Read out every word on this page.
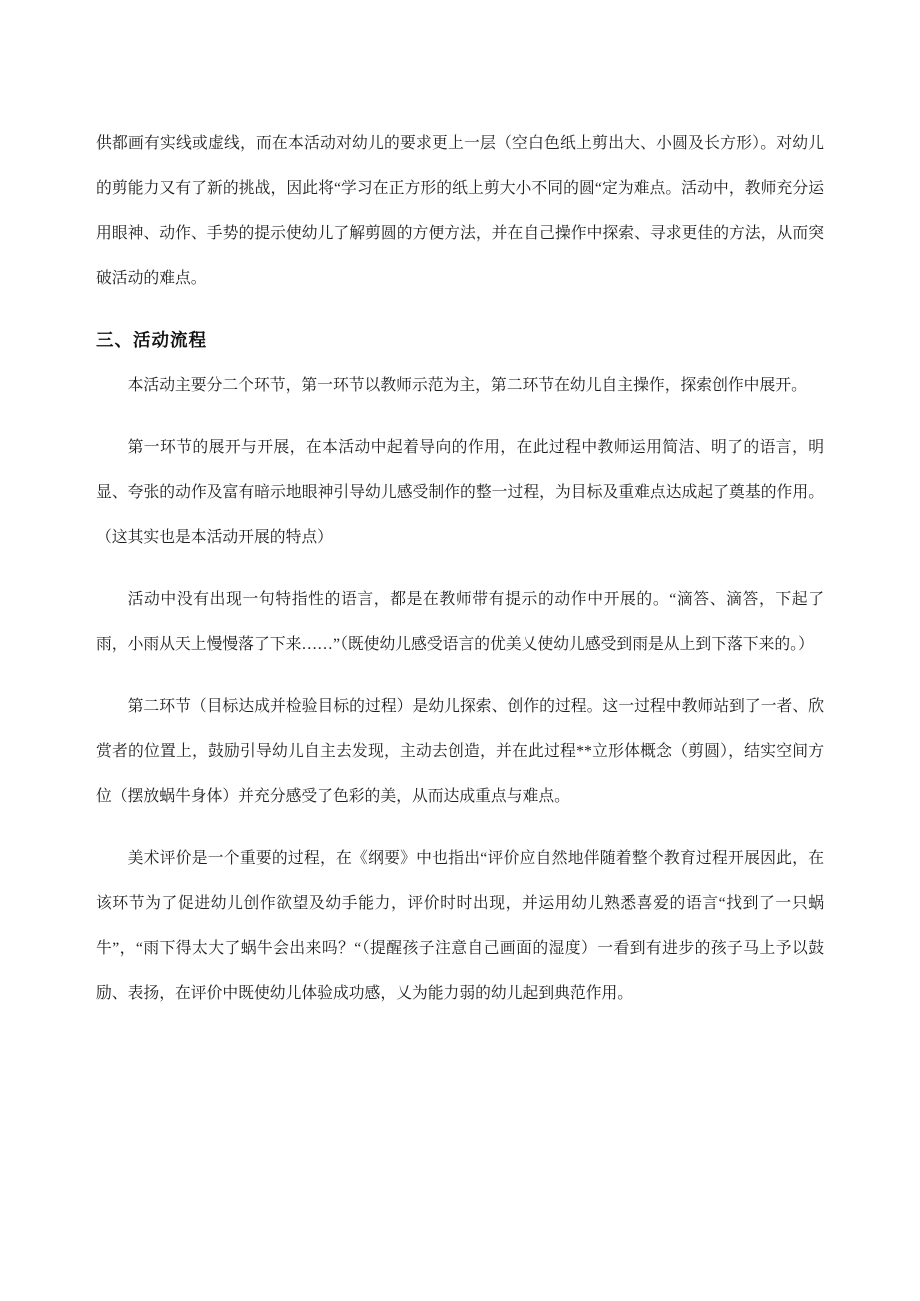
供都画有实线或虚线，而在本活动对幼儿的要求更上一层（空白色纸上剪出大、小圆及长方形）。对幼儿的剪能力又有了新的挑战，因此将“学习在正方形的纸上剪大小不同的圆“定为难点。活动中，教师充分运用眼神、动作、手势的提示使幼儿了解剪圆的方便方法，并在自己操作中探索、寻求更佳的方法，从而突破活动的难点。

三、活动流程

本活动主要分二个环节，第一环节以教师示范为主，第二环节在幼儿自主操作，探索创作中展开。

第一环节的展开与开展，在本活动中起着导向的作用，在此过程中教师运用简洁、明了的语言，明显、夸张的动作及富有暗示地眼神引导幼儿感受制作的整一过程，为目标及重难点达成起了奠基的作用。（这其实也是本活动开展的特点）

活动中没有出现一句特指性的语言，都是在教师带有提示的动作中开展的。“滴答、滴答，下起了雨，小雨从天上慢慢落了下来……”（既使幼儿感受语言的优美乂使幼儿感受到雨是从上到下落下来的。）

第二环节（目标达成并检验目标的过程）是幼儿探索、创作的过程。这一过程中教师站到了一者、欣赏者的位置上，鼓励引导幼儿自主去发现，主动去创造，并在此过程**立形体概念（剪圆），结实空间方位（摆放蜗牛身体）并充分感受了色彩的美，从而达成重点与难点。

美术评价是一个重要的过程，在《纲要》中也指出“评价应自然地伴随着整个教育过程开展因此，在该环节为了促进幼儿创作欲望及幼手能力，评价时时出现，并运用幼儿熟悉喜爱的语言“找到了一只蜗牛”，“雨下得太大了蜗牛会出来吗？“（提醒孩子注意自己画面的湿度）一看到有进步的孩子马上予以鼓励、表扬，在评价中既使幼儿体验成功感，乂为能力弱的幼儿起到典范作用。
